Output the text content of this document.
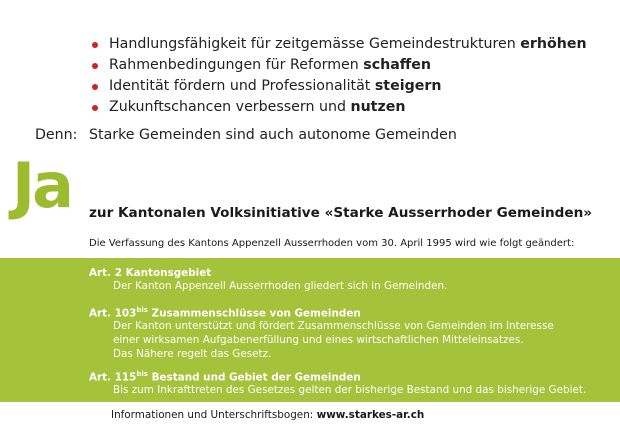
Handlungsfähigkeit für zeitgemässe Gemeindestrukturen erhöhen
Rahmenbedingungen für Reformen schaffen
Identität fördern und Professionalität steigern
Zukunftschancen verbessern und nutzen
Denn: Starke Gemeinden sind auch autonome Gemeinden
Ja zur Kantonalen Volksinitiative «Starke Ausserrhoder Gemeinden»
Die Verfassung des Kantons Appenzell Ausserrhoden vom 30. April 1995 wird wie folgt geändert:
Art. 2 Kantonsgebiet
Der Kanton Appenzell Ausserrhoden gliedert sich in Gemeinden.
Art. $103^{bis}$ Zusammenschlüsse von Gemeinden
Der Kanton unterstützt und fördert Zusammenschlüsse von Gemeinden im Interesse
einer wirksamen Aufgabenerfüllung und eines wirtschaftlichen Mitteleinsatzes.
Das Nähere regelt das Gesetz.
Art. $115^{bis}$ Bestand und Gebiet der Gemeinden
Bis zum Inkrafttreten des Gesetzes gelten der bisherige Bestand und das bisherige Gebiet.
Informationen und Unterschriftsbogen: www.starkes-ar.ch
